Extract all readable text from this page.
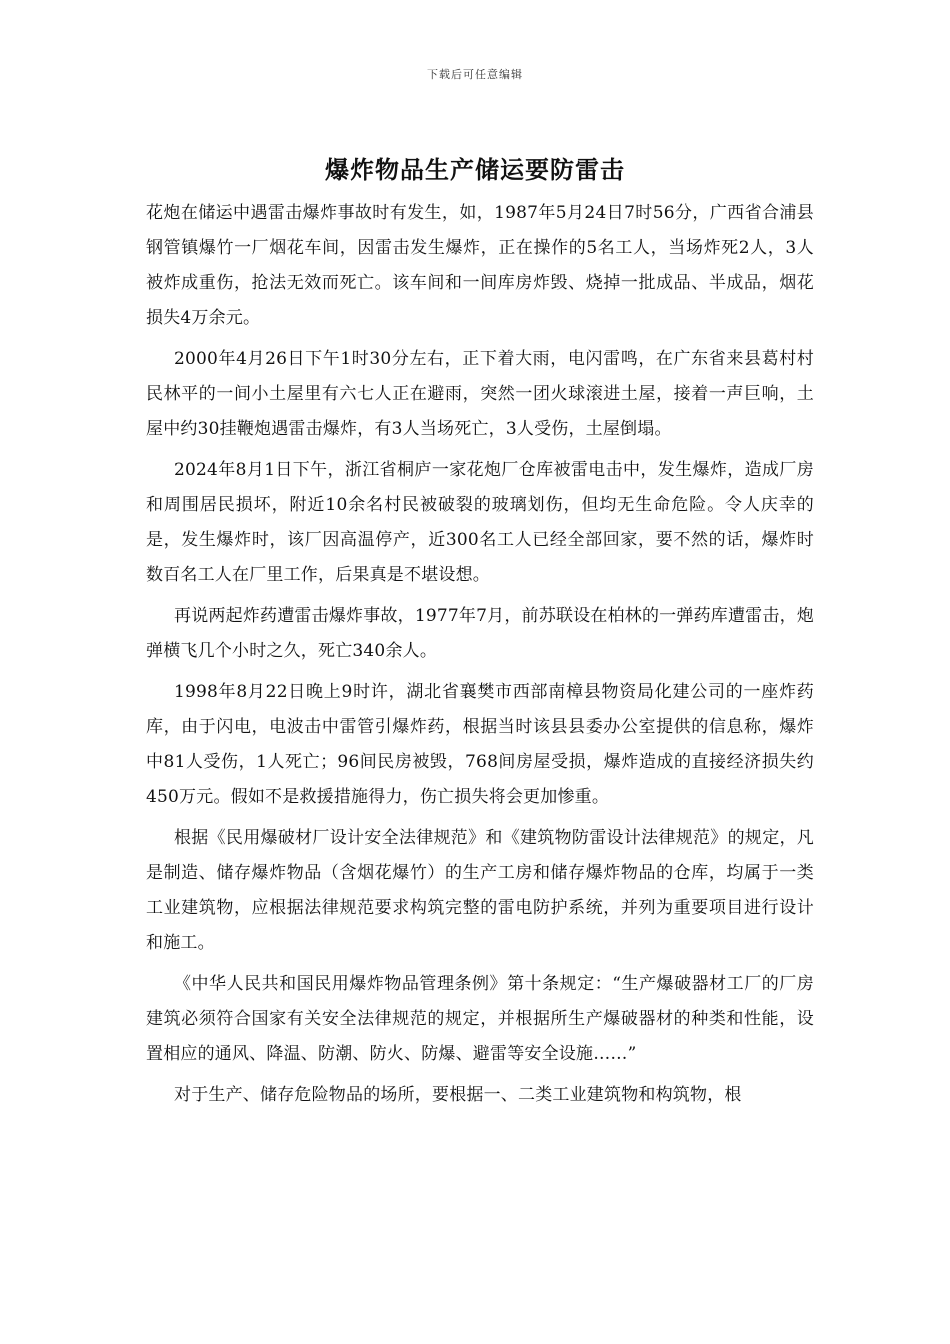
下载后可任意编辑
爆炸物品生产储运要防雷击

花炮在储运中遇雷击爆炸事故时有发生，如，1987年5月24日7时56分，广西省合浦县钢管镇爆竹一厂烟花车间，因雷击发生爆炸，正在操作的5名工人，当场炸死2人，3人被炸成重伤，抢法无效而死亡。该车间和一间库房炸毁、烧掉一批成品、半成品，烟花损失4万余元。

2000年4月26日下午1时30分左右，正下着大雨，电闪雷鸣，在广东省来县葛村村民林平的一间小土屋里有六七人正在避雨，突然一团火球滚进土屋，接着一声巨响，土屋中约30挂鞭炮遇雷击爆炸，有3人当场死亡，3人受伤，土屋倒塌。

2024年8月1日下午，浙江省桐庐一家花炮厂仓库被雷电击中，发生爆炸，造成厂房和周围居民损坏，附近10余名村民被破裂的玻璃划伤，但均无生命危险。令人庆幸的是，发生爆炸时，该厂因高温停产，近300名工人已经全部回家，要不然的话，爆炸时数百名工人在厂里工作，后果真是不堪设想。

再说两起炸药遭雷击爆炸事故，1977年7月，前苏联设在柏林的一弹药库遭雷击，炮弹横飞几个小时之久，死亡340余人。

1998年8月22日晚上9时许，湖北省襄樊市西部南樟县物资局化建公司的一座炸药库，由于闪电，电波击中雷管引爆炸药，根据当时该县县委办公室提供的信息称，爆炸中81人受伤，1人死亡；96间民房被毁，768间房屋受损，爆炸造成的直接经济损失约450万元。假如不是救援措施得力，伤亡损失将会更加惨重。

根据《民用爆破材厂设计安全法律规范》和《建筑物防雷设计法律规范》的规定，凡是制造、储存爆炸物品（含烟花爆竹）的生产工房和储存爆炸物品的仓库，均属于一类工业建筑物，应根据法律规范要求构筑完整的雷电防护系统，并列为重要项目进行设计和施工。

《中华人民共和国民用爆炸物品管理条例》第十条规定：“生产爆破器材工厂的厂房建筑必须符合国家有关安全法律规范的规定，并根据所生产爆破器材的种类和性能，设置相应的通风、降温、防潮、防火、防爆、避雷等安全设施……”

对于生产、储存危险物品的场所，要根据一、二类工业建筑物和构筑物，根
